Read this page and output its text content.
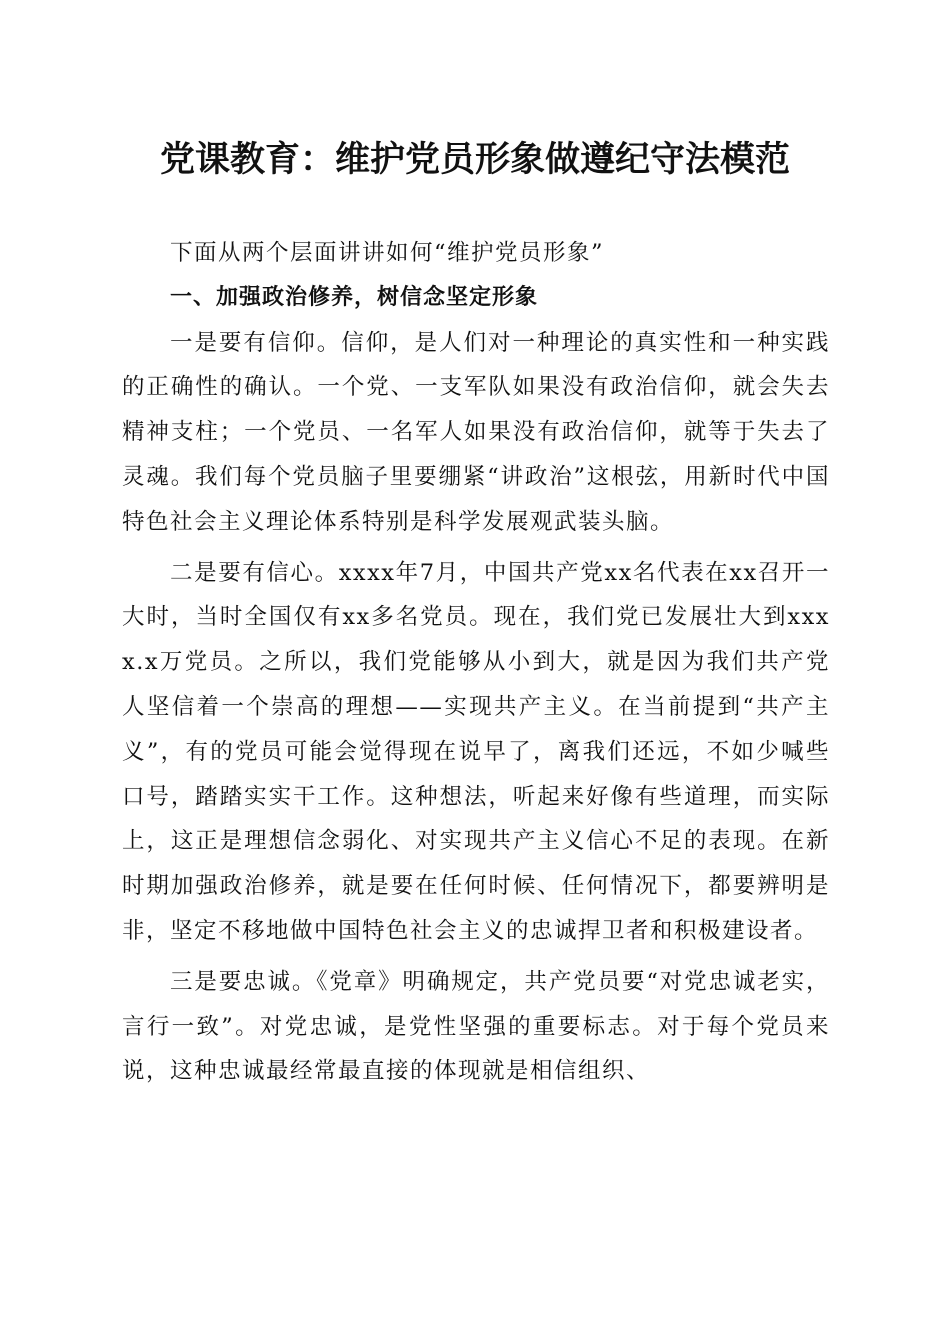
党课教育：维护党员形象做遵纪守法模范

下面从两个层面讲讲如何“维护党员形象”

一、加强政治修养，树信念坚定形象

一是要有信仰。信仰，是人们对一种理论的真实性和一种实践的正确性的确认。一个党、一支军队如果没有政治信仰，就会失去精神支柱；一个党员、一名军人如果没有政治信仰，就等于失去了灵魂。我们每个党员脑子里要绷紧“讲政治”这根弦，用新时代中国特色社会主义理论体系特别是科学发展观武装头脑。

二是要有信心。xxxx年7月，中国共产党xx名代表在xx召开一大时，当时全国仅有xx多名党员。现在，我们党已发展壮大到xxxx.x万党员。之所以，我们党能够从小到大，就是因为我们共产党人坚信着一个崇高的理想——实现共产主义。在当前提到“共产主义”，有的党员可能会觉得现在说早了，离我们还远，不如少喊些口号，踏踏实实干工作。这种想法，听起来好像有些道理，而实际上，这正是理想信念弱化、对实现共产主义信心不足的表现。在新时期加强政治修养，就是要在任何时候、任何情况下，都要辨明是非，坚定不移地做中国特色社会主义的忠诚捍卫者和积极建设者。

三是要忠诚。《党章》明确规定，共产党员要“对党忠诚老实，言行一致”。对党忠诚，是党性坚强的重要标志。对于每个党员来说，这种忠诚最经常最直接的体现就是相信组织、
